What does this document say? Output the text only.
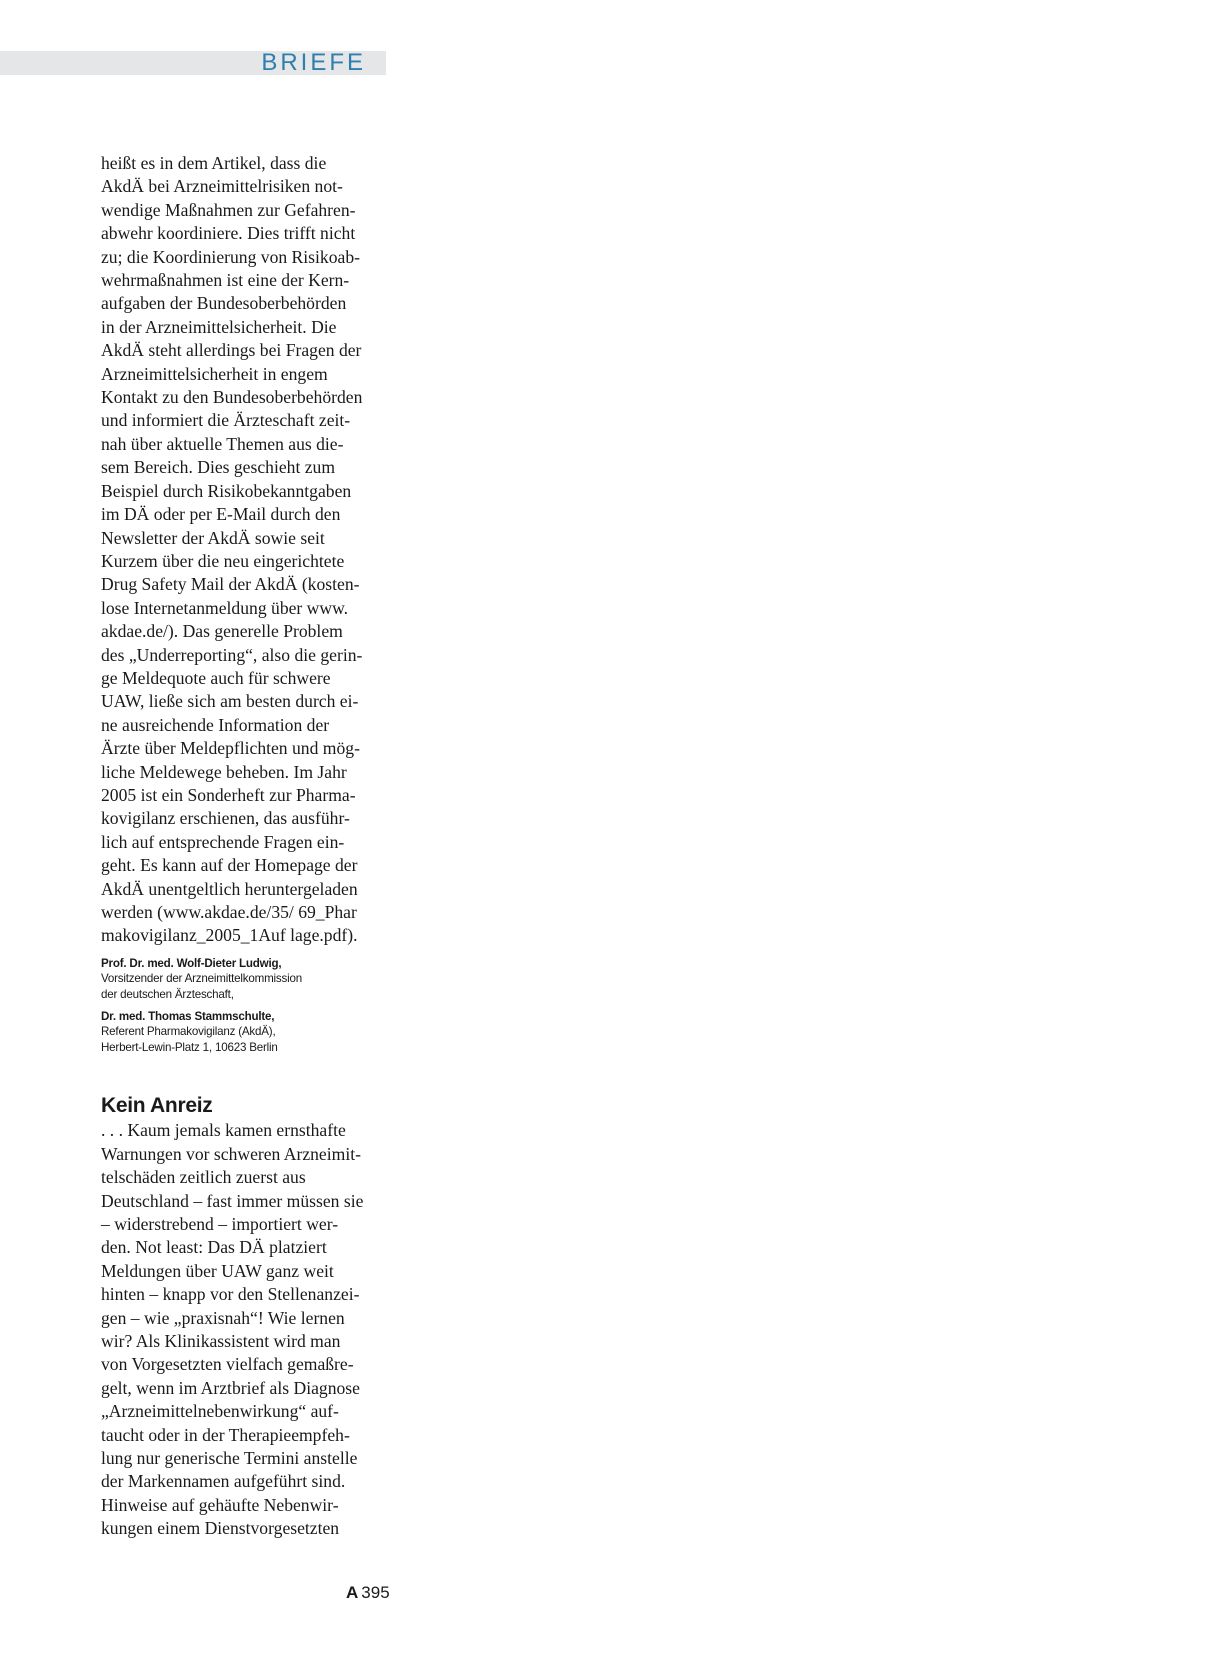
BRIEFE

heißt es in dem Artikel, dass die
AkdÄ bei Arzneimittelrisiken not-
wendige Maßnahmen zur Gefahren-
abwehr koordiniere. Dies trifft nicht
zu; die Koordinierung von Risikoab-
wehrmaßnahmen ist eine der Kern-
aufgaben der Bundesoberbehörden
in der Arzneimittelsicherheit. Die
AkdÄ steht allerdings bei Fragen der
Arzneimittelsicherheit in engem
Kontakt zu den Bundesoberbehörden
und informiert die Ärzteschaft zeit-
nah über aktuelle Themen aus die-
sem Bereich. Dies geschieht zum
Beispiel durch Risikobekanntgaben
im DÄ oder per E-Mail durch den
Newsletter der AkdÄ sowie seit
Kurzem über die neu eingerichtete
Drug Safety Mail der AkdÄ (kosten-
lose Internetanmeldung über www.
akdae.de/). Das generelle Problem
des „Underreporting“, also die gerin-
ge Meldequote auch für schwere
UAW, ließe sich am besten durch ei-
ne ausreichende Information der
Ärzte über Meldepflichten und mög-
liche Meldewege beheben. Im Jahr
2005 ist ein Sonderheft zur Pharma-
kovigilanz erschienen, das ausführ-
lich auf entsprechende Fragen ein-
geht. Es kann auf der Homepage der
AkdÄ unentgeltlich heruntergeladen
werden (www.akdae.de/35/ 69_Phar
makovigilanz_2005_1Auf lage.pdf).

Prof. Dr. med. Wolf-Dieter Ludwig,
Vorsitzender der Arzneimittelkommission
der deutschen Ärzteschaft,
Dr. med. Thomas Stammschulte,
Referent Pharmakovigilanz (AkdÄ),
Herbert-Lewin-Platz 1, 10623 Berlin
Kein Anreiz

. . . Kaum jemals kamen ernsthafte
Warnungen vor schweren Arzneimit-
telschäden zeitlich zuerst aus
Deutschland – fast immer müssen sie
– widerstrebend – importiert wer-
den. Not least: Das DÄ platziert
Meldungen über UAW ganz weit
hinten – knapp vor den Stellenanzei-
gen – wie „praxisnah“! Wie lernen
wir? Als Klinikassistent wird man
von Vorgesetzten vielfach gemaßre-
gelt, wenn im Arztbrief als Diagnose
„Arzneimittelnebenwirkung“ auf-
taucht oder in der Therapieempfeh-
lung nur generische Termini anstelle
der Markennamen aufgeführt sind.
Hinweise auf gehäufte Nebenwir-
kungen einem Dienstvorgesetzten

A 395
